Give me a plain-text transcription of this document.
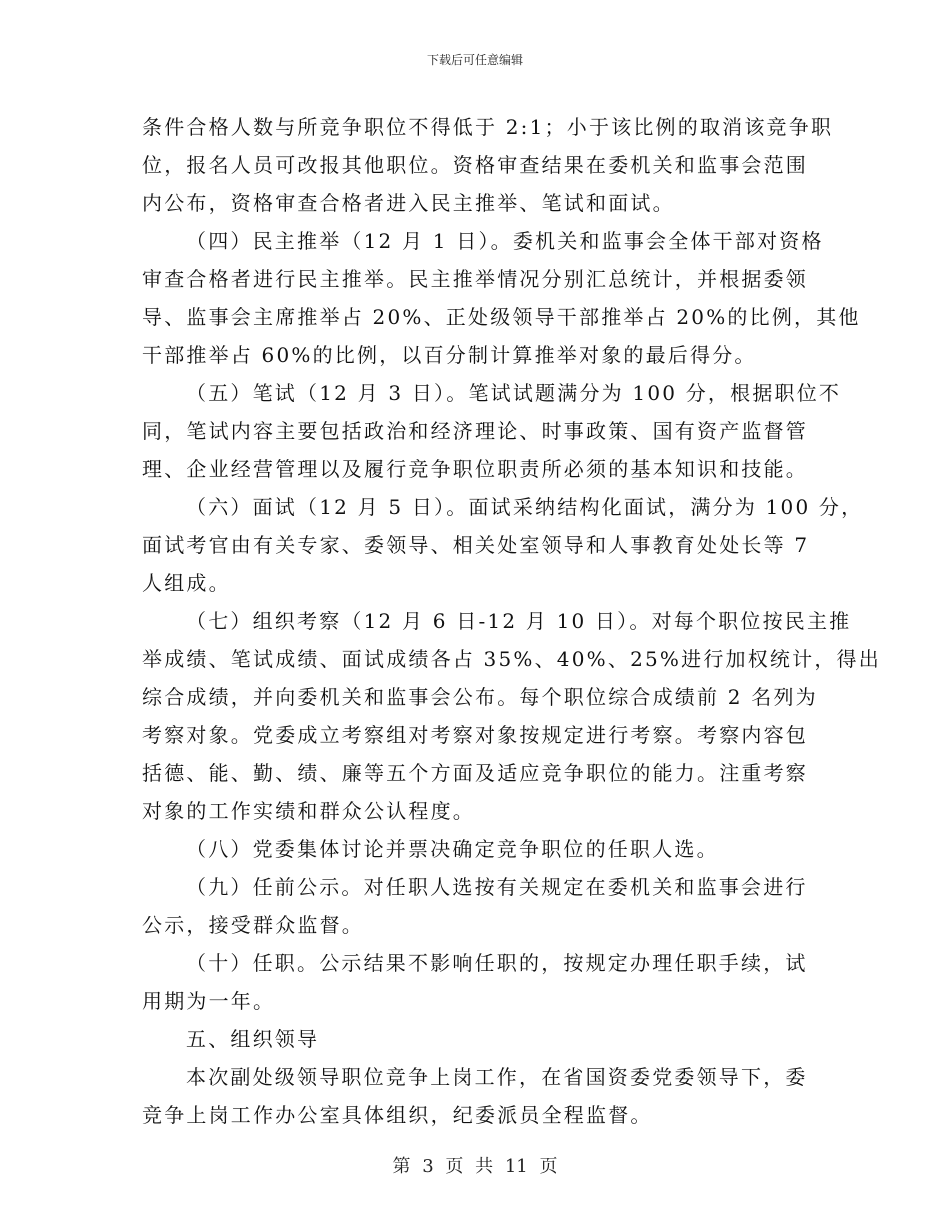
下载后可任意编辑
条件合格人数与所竞争职位不得低于 2:1；小于该比例的取消该竞争职
位，报名人员可改报其他职位。资格审查结果在委机关和监事会范围
内公布，资格审查合格者进入民主推举、笔试和面试。
（四）民主推举（12 月 1 日）。委机关和监事会全体干部对资格
审查合格者进行民主推举。民主推举情况分别汇总统计，并根据委领
导、监事会主席推举占 20%、正处级领导干部推举占 20%的比例，其他
干部推举占 60%的比例，以百分制计算推举对象的最后得分。
（五）笔试（12 月 3 日）。笔试试题满分为 100 分，根据职位不
同，笔试内容主要包括政治和经济理论、时事政策、国有资产监督管
理、企业经营管理以及履行竞争职位职责所必须的基本知识和技能。
（六）面试（12 月 5 日）。面试采纳结构化面试，满分为 100 分，
面试考官由有关专家、委领导、相关处室领导和人事教育处处长等 7
人组成。
（七）组织考察（12 月 6 日-12 月 10 日）。对每个职位按民主推
举成绩、笔试成绩、面试成绩各占 35%、40%、25%进行加权统计，得出
综合成绩，并向委机关和监事会公布。每个职位综合成绩前 2 名列为
考察对象。党委成立考察组对考察对象按规定进行考察。考察内容包
括德、能、勤、绩、廉等五个方面及适应竞争职位的能力。注重考察
对象的工作实绩和群众公认程度。
（八）党委集体讨论并票决确定竞争职位的任职人选。
（九）任前公示。对任职人选按有关规定在委机关和监事会进行
公示，接受群众监督。
（十）任职。公示结果不影响任职的，按规定办理任职手续，试
用期为一年。
五、组织领导
本次副处级领导职位竞争上岗工作，在省国资委党委领导下，委
竞争上岗工作办公室具体组织，纪委派员全程监督。
第 3 页 共 11 页
